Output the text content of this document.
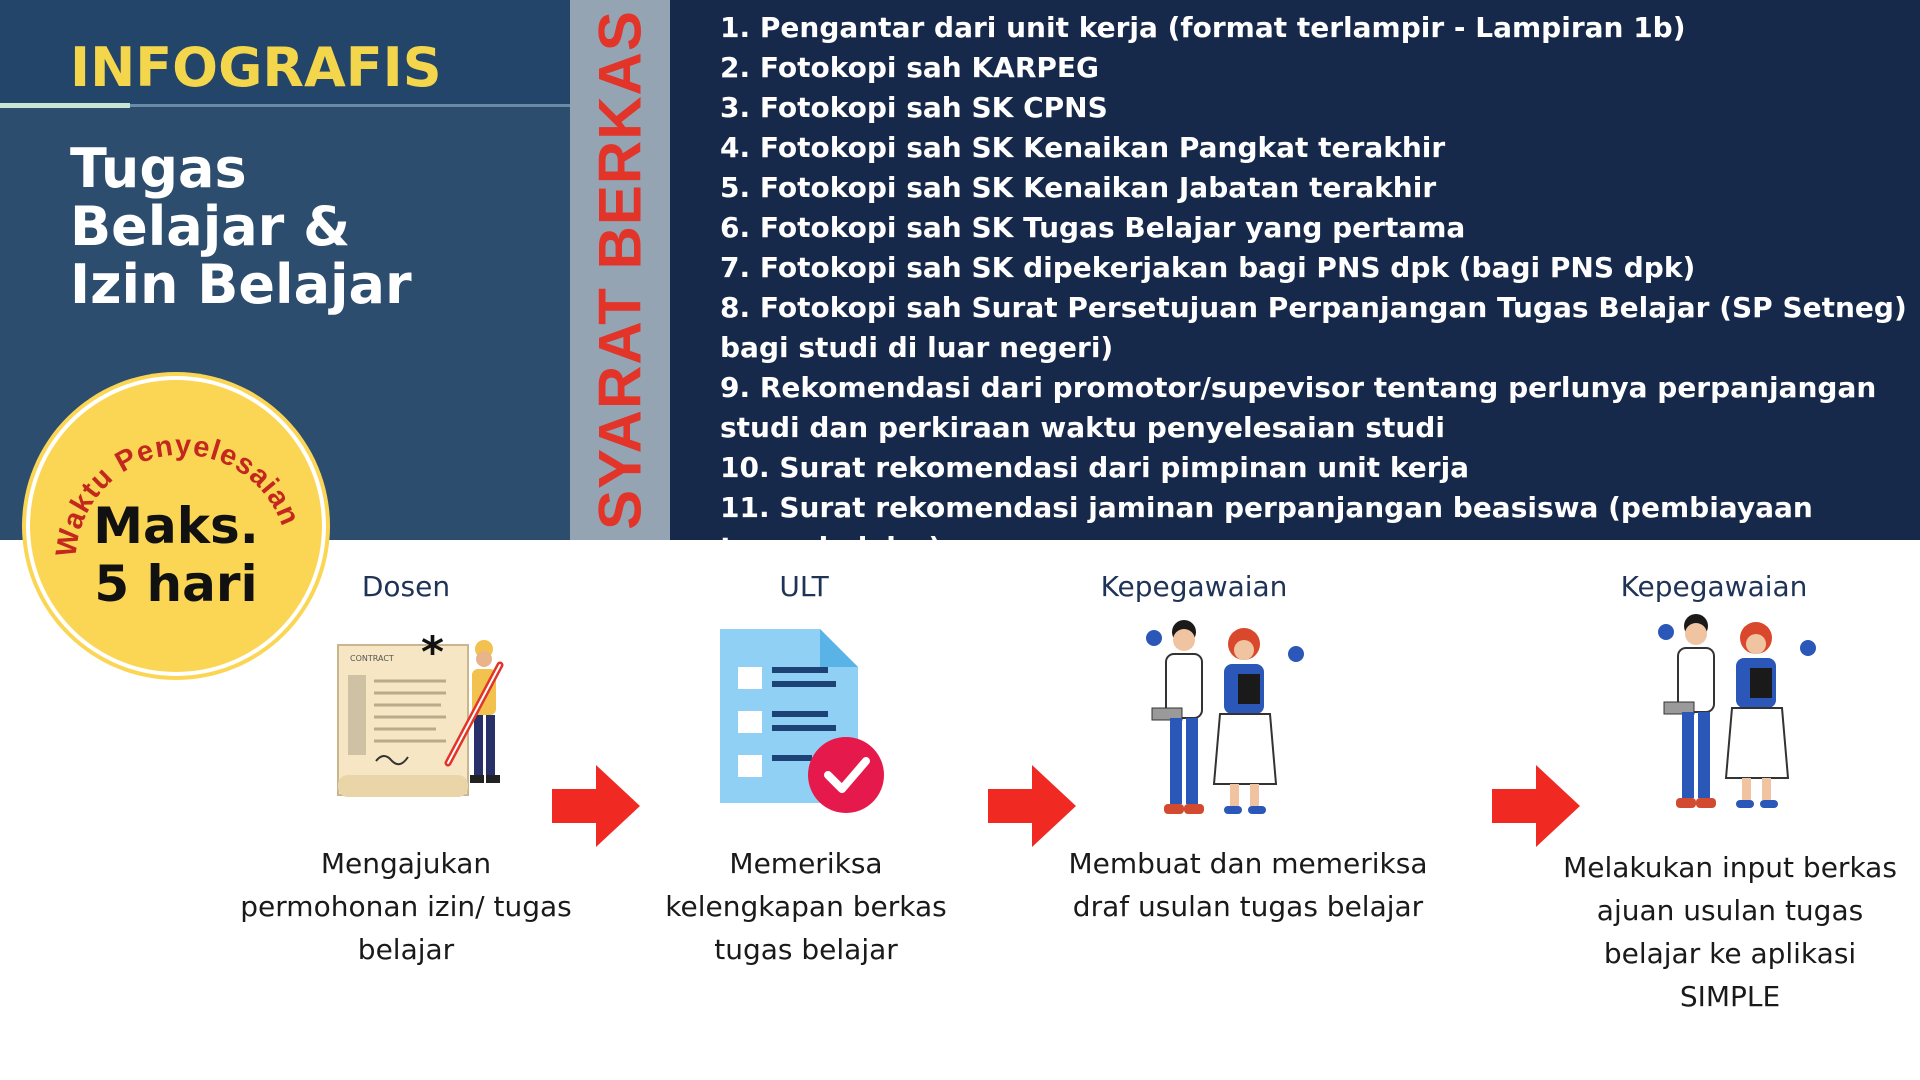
INFOGRAFIS
Tugas
Belajar &
Izin Belajar	SYARAT BERKAS 1. Pengantar dari unit kerja (format terlampir - Lampiran 1b)
2. Fotokopi sah KARPEG
3. Fotokopi sah SK CPNS
4. Fotokopi sah SK Kenaikan Pangkat terakhir
5. Fotokopi sah SK Kenaikan Jabatan terakhir
6. Fotokopi sah SK Tugas Belajar yang pertama
7. Fotokopi sah SK dipekerjakan bagi PNS dpk (bagi PNS dpk)
8. Fotokopi sah Surat Persetujuan Perpanjangan Tugas Belajar (SP Setneg) bagi studi di luar negeri)
9. Rekomendasi dari promotor/supevisor tentang perlunya perpanjangan studi dan perkiraan waktu penyelesaian studi
10. Surat rekomendasi dari pimpinan unit kerja
11. Surat rekomendasi jaminan perpanjangan beasiswa (pembiayaan tugas belajar)
Waktu Penyelesaian
Maks.
5 hari	Dosen
CONTRACT *
Mengajukan permohonan izin/ tugas belajar
ULT
Memeriksa kelengkapan berkas tugas belajar
Kepegawaian
Membuat dan memeriksa draf usulan tugas belajar
Kepegawaian
Melakukan input berkas ajuan usulan tugas belajar ke aplikasi SIMPLE
